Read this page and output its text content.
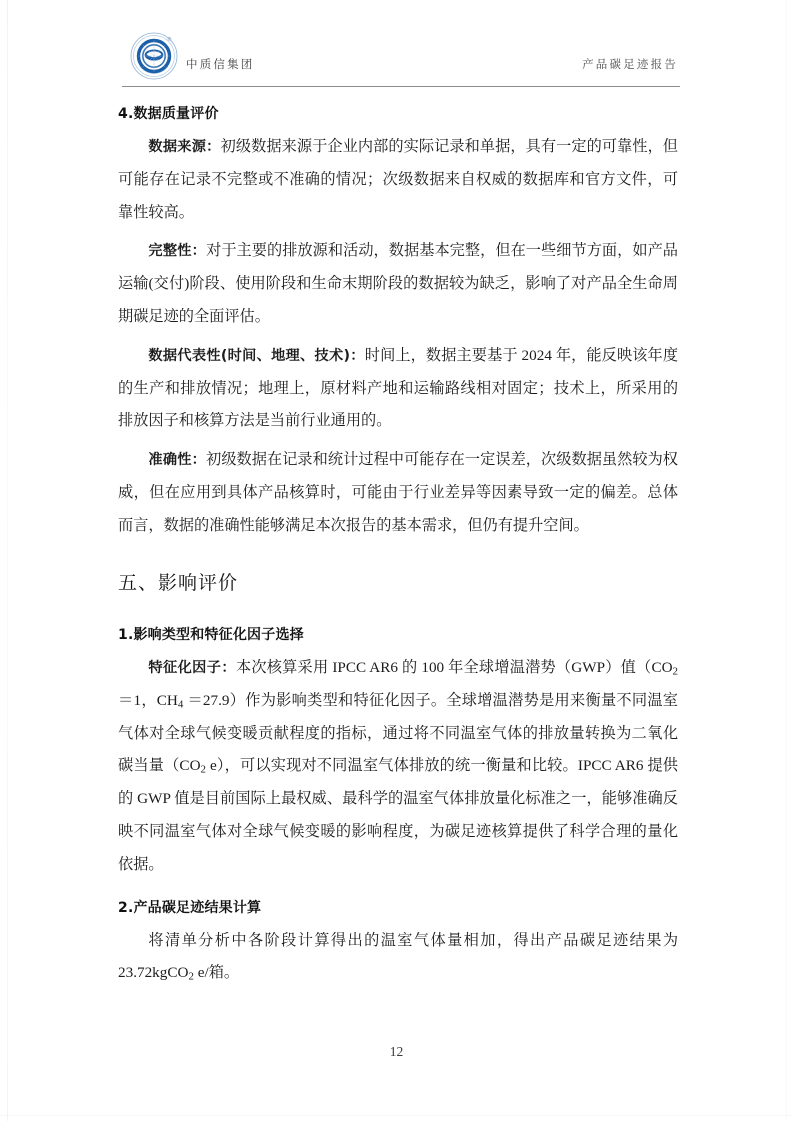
®
中质信集团	产品碳足迹报告
4.数据质量评价

数据来源：初级数据来源于企业内部的实际记录和单据，具有一定的可靠性，但可能存在记录不完整或不准确的情况；次级数据来自权威的数据库和官方文件，可靠性较高。

完整性：对于主要的排放源和活动，数据基本完整，但在一些细节方面，如产品运输(交付)阶段、使用阶段和生命末期阶段的数据较为缺乏，影响了对产品全生命周期碳足迹的全面评估。

数据代表性(时间、地理、技术)：时间上，数据主要基于 2024 年，能反映该年度的生产和排放情况；地理上，原材料产地和运输路线相对固定；技术上，所采用的排放因子和核算方法是当前行业通用的。

准确性：初级数据在记录和统计过程中可能存在一定误差，次级数据虽然较为权威，但在应用到具体产品核算时，可能由于行业差异等因素导致一定的偏差。总体而言，数据的准确性能够满足本次报告的基本需求，但仍有提升空间。

五、影响评价
1.影响类型和特征化因子选择

特征化因子：本次核算采用 IPCC AR6 的 100 年全球增温潜势（GWP）值（$CO_2 =1$，$CH_4 =27.9$）作为影响类型和特征化因子。全球增温潜势是用来衡量不同温室气体对全球气候变暖贡献程度的指标，通过将不同温室气体的排放量转换为二氧化碳当量（$CO_2$ e），可以实现对不同温室气体排放的统一衡量和比较。IPCC AR6 提供的 GWP 值是目前国际上最权威、最科学的温室气体排放量化标准之一，能够准确反映不同温室气体对全球气候变暖的影响程度，为碳足迹核算提供了科学合理的量化依据。

2.产品碳足迹结果计算

将清单分析中各阶段计算得出的温室气体量相加，得出产品碳足迹结果为23.72kgCO$_2$ e/箱。

12
